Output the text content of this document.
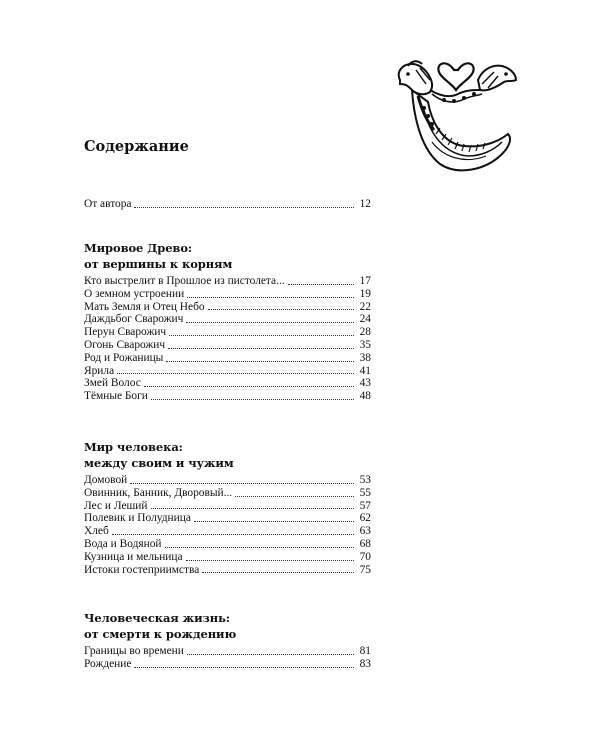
Содержание
От автора	12
Мировое Древо:
от вершины к корням
Кто выстрелит в Прошлое из пистолета...	17
О земном устроении	19
Мать Земля и Отец Небо	22
Даждьбог Сварожич	24
Перун Сварожич	28
Огонь Сварожич	35
Род и Рожаницы	38
Ярила	41
Змей Волос	43
Тёмные Боги	48
Мир человека:
между своим и чужим
Домовой	53
Овинник, Банник, Дворовый...	55
Лес и Леший	57
Полевик и Полудница	62
Хлеб	63
Вода и Водяной	68
Кузница и мельница	70
Истоки гостеприимства	75
Человеческая жизнь:
от смерти к рождению
Границы во времени	81
Рождение	83
